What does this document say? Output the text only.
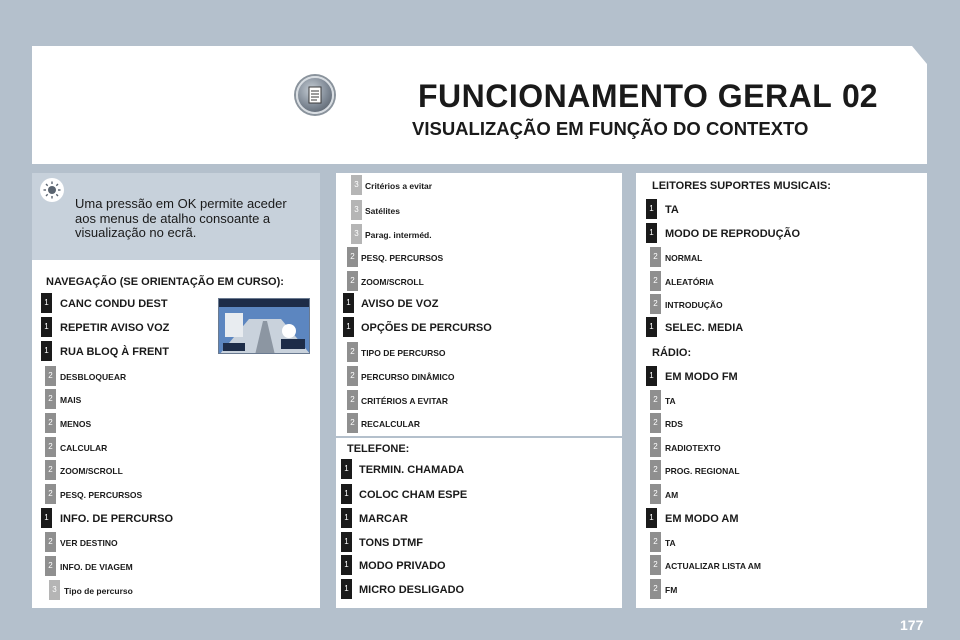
FUNCIONAMENTO GERAL 02
VISUALIZAÇÃO EM FUNÇÃO DO CONTEXTO
Uma pressão em OK permite aceder aos menus de atalho consoante a visualização no ecrã.
NAVEGAÇÃO (SE ORIENTAÇÃO EM CURSO):
1 CANC CONDU DEST
1 REPETIR AVISO VOZ
1 RUA BLOQ À FRENT
2 DESBLOQUEAR
2 MAIS
2 MENOS
2 CALCULAR
2 ZOOM/SCROLL
2 PESQ. PERCURSOS
1 INFO. DE PERCURSO
2 VER DESTINO
2 INFO. DE VIAGEM
3 Tipo de percurso
3 Critérios a evitar
3 Satélites
3 Parag. interméd.
2 PESQ. PERCURSOS
2 ZOOM/SCROLL
1 AVISO DE VOZ
1 OPÇÕES DE PERCURSO
2 TIPO DE PERCURSO
2 PERCURSO DINÂMICO
2 CRITÉRIOS A EVITAR
2 RECALCULAR
TELEFONE:
1 TERMIN. CHAMADA
1 COLOC CHAM ESPE
1 MARCAR
1 TONS DTMF
1 MODO PRIVADO
1 MICRO DESLIGADO
LEITORES SUPORTES MUSICAIS:
1 TA
1 MODO DE REPRODUÇÃO
2 NORMAL
2 ALEATÓRIA
2 INTRODUÇÃO
1 SELEC. MEDIA
RÁDIO:
1 EM MODO FM
2 TA
2 RDS
2 RADIOTEXTO
2 PROG. REGIONAL
2 AM
1 EM MODO AM
2 TA
2 ACTUALIZAR LISTA AM
2 FM
177
